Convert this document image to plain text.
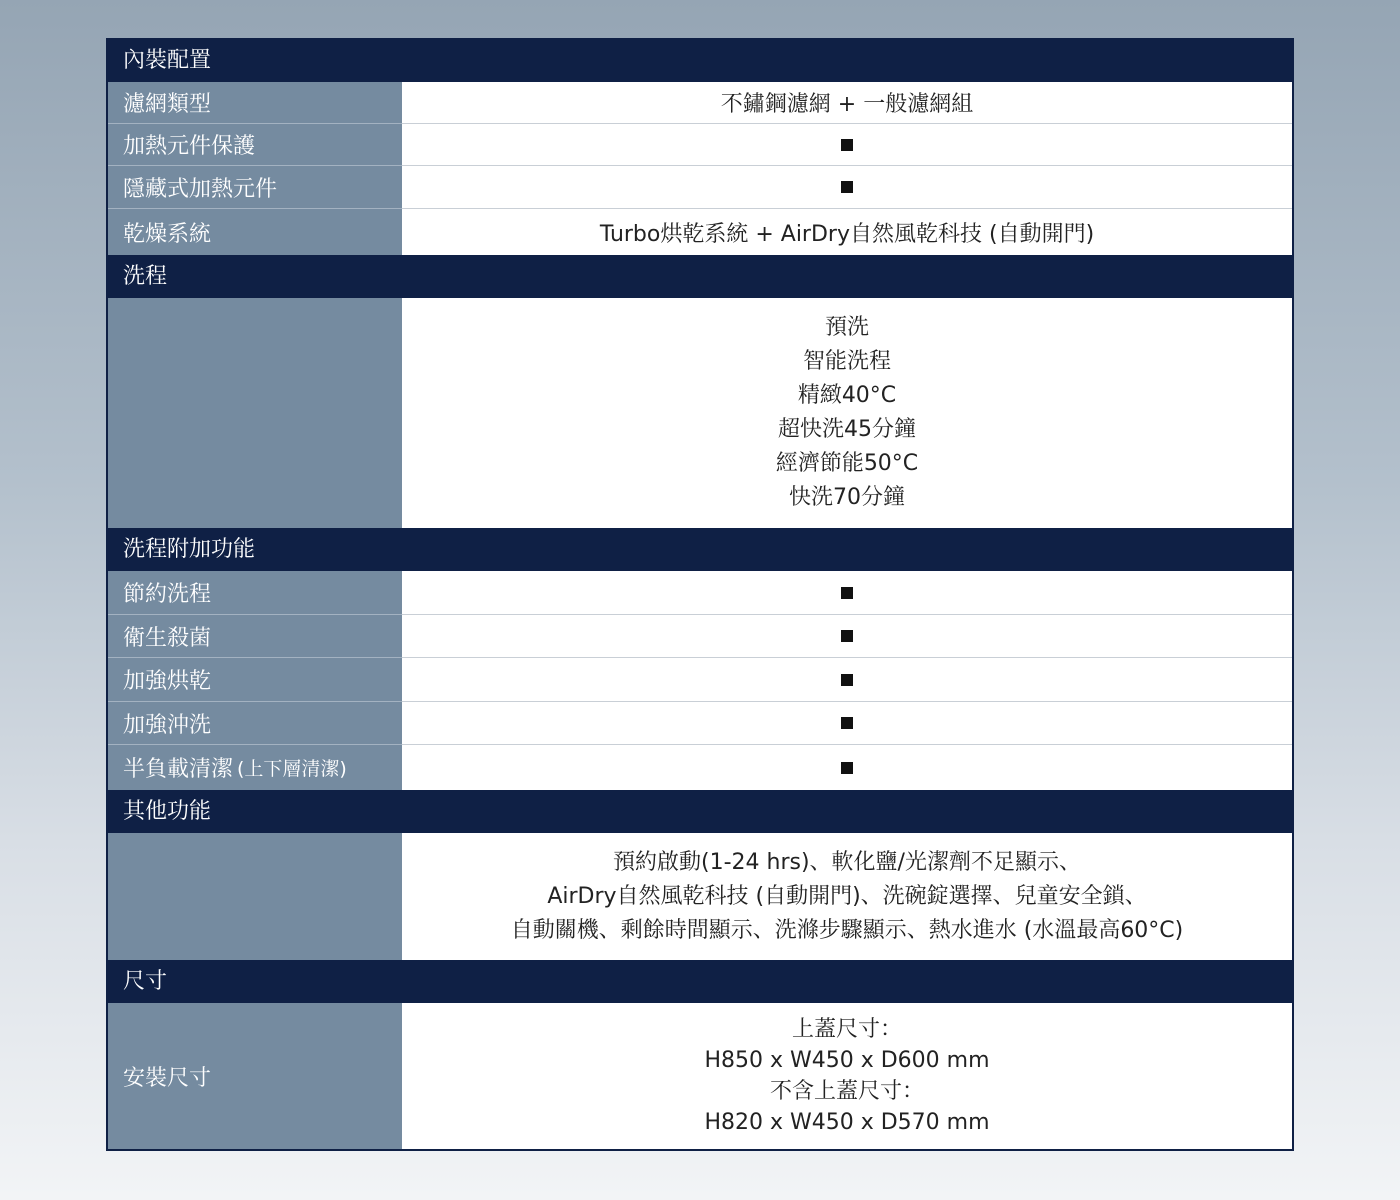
內裝配置
濾網類型	不鏽鋼濾網 + 一般濾網組
加熱元件保護
隱藏式加熱元件
乾燥系統	Turbo烘乾系統 + AirDry自然風乾科技 (自動開門)
洗程
預洗
智能洗程
精緻40°C
超快洗45分鐘
經濟節能50°C
快洗70分鐘
洗程附加功能
節約洗程
衛生殺菌
加強烘乾
加強沖洗
半負載清潔 (上下層清潔)
其他功能
預約啟動(1-24 hrs)、軟化鹽/光潔劑不足顯示、
AirDry自然風乾科技 (自動開門)、洗碗錠選擇、兒童安全鎖、
自動關機、剩餘時間顯示、洗滌步驟顯示、熱水進水 (水溫最高60°C)
尺寸
安裝尺寸
上蓋尺寸：
H850 x W450 x D600 mm
不含上蓋尺寸：
H820 x W450 x D570 mm
